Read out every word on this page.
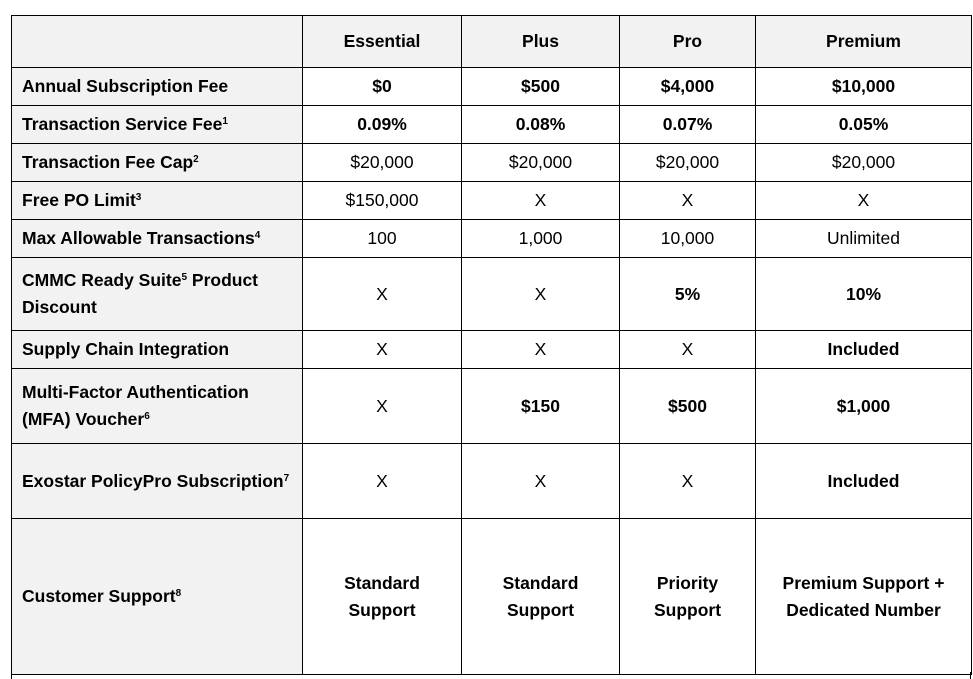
	Essential	Plus	Pro	Premium
Annual Subscription Fee	$0	$500	$4,000	$10,000
Transaction Service Fee$^1$	0.09%	0.08%	0.07%	0.05%
Transaction Fee Cap$^2$	$20,000	$20,000	$20,000	$20,000
Free PO Limit$^3$	$150,000	X	X	X
Max Allowable Transactions$^4$	100	1,000	10,000	Unlimited
CMMC Ready Suite$^5$ Product Discount	X	X	5%	10%
Supply Chain Integration	X	X	X	Included
Multi-Factor Authentication (MFA) Voucher$^6$	X	$150	$500	$1,000
Exostar PolicyPro Subscription$^7$	X	X	X	Included
Customer Support$^8$	Standard Support	Standard Support	Priority Support	Premium Support + Dedicated Number
